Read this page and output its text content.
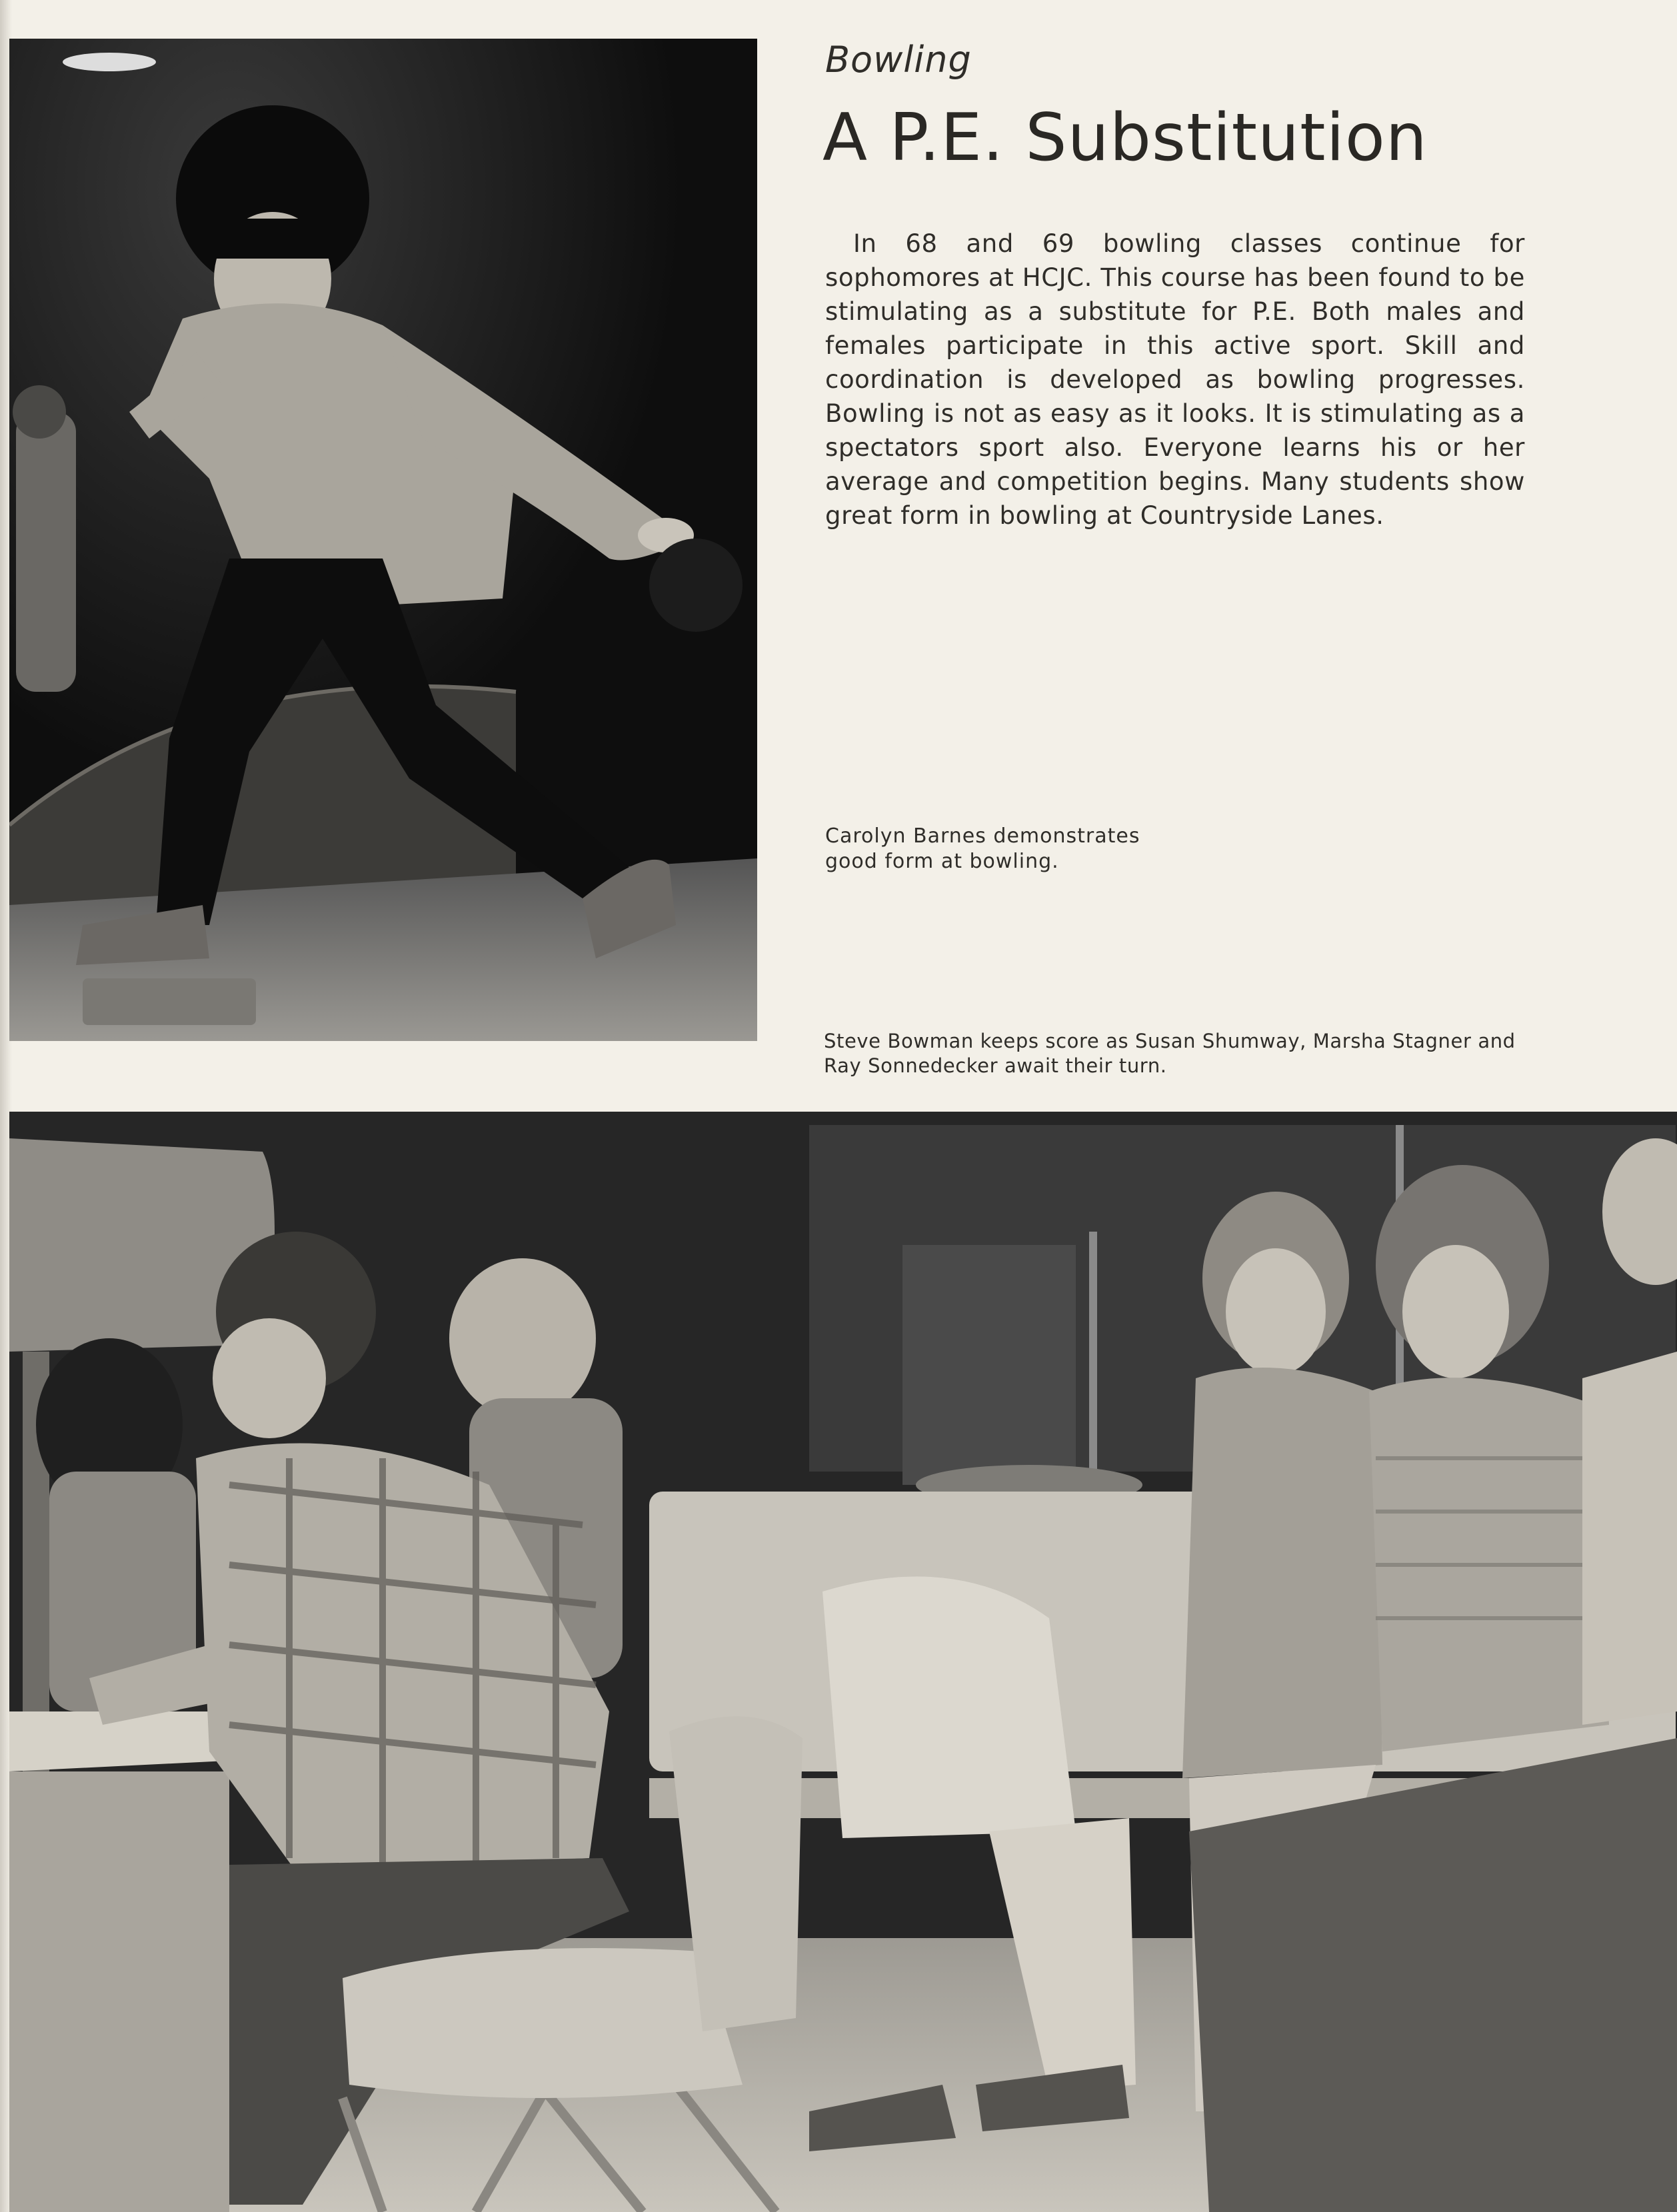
Bowling
A P.E. Substitution

In 68 and 69 bowling classes continue for sophomores at HCJC. This course has been found to be stimulating as a substitute for P.E. Both males and females participate in this active sport. Skill and coordination is developed as bowling progresses. Bowling is not as easy as it looks. It is stimulating as a spectators sport also. Everyone learns his or her average and competition begins. Many students show great form in bowling at Countryside Lanes.

Carolyn Barnes demonstrates good form at bowling.

Steve Bowman keeps score as Susan Shumway, Marsha Stagner and Ray Sonnedecker await their turn.
